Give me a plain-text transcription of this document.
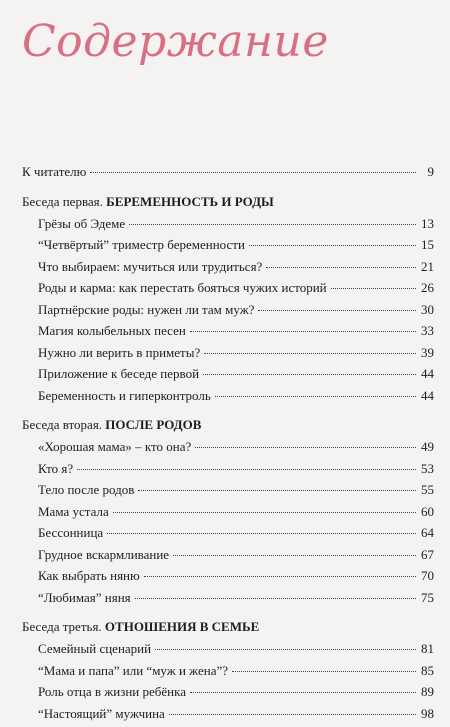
Содержание
К читателю	9
Беседа первая. БЕРЕМЕННОСТЬ И РОДЫ
Грёзы об Эдеме	13
“Четвёртый” триместр беременности	15
Что выбираем: мучиться или трудиться?	21
Роды и карма: как перестать бояться чужих историй	26
Партнёрские роды: нужен ли там муж?	30
Магия колыбельных песен	33
Нужно ли верить в приметы?	39
Приложение к беседе первой	44
Беременность и гиперконтроль	44
Беседа вторая. ПОСЛЕ РОДОВ
«Хорошая мама» – кто она?	49
Кто я?	53
Тело после родов	55
Мама устала	60
Бессонница	64
Грудное вскармливание	67
Как выбрать няню	70
“Любимая” няня	75
Беседа третья. ОТНОШЕНИЯ В СЕМЬЕ
Семейный сценарий	81
“Мама и папа” или “муж и жена”?	85
Роль отца в жизни ребёнка	89
“Настоящий” мужчина	98
